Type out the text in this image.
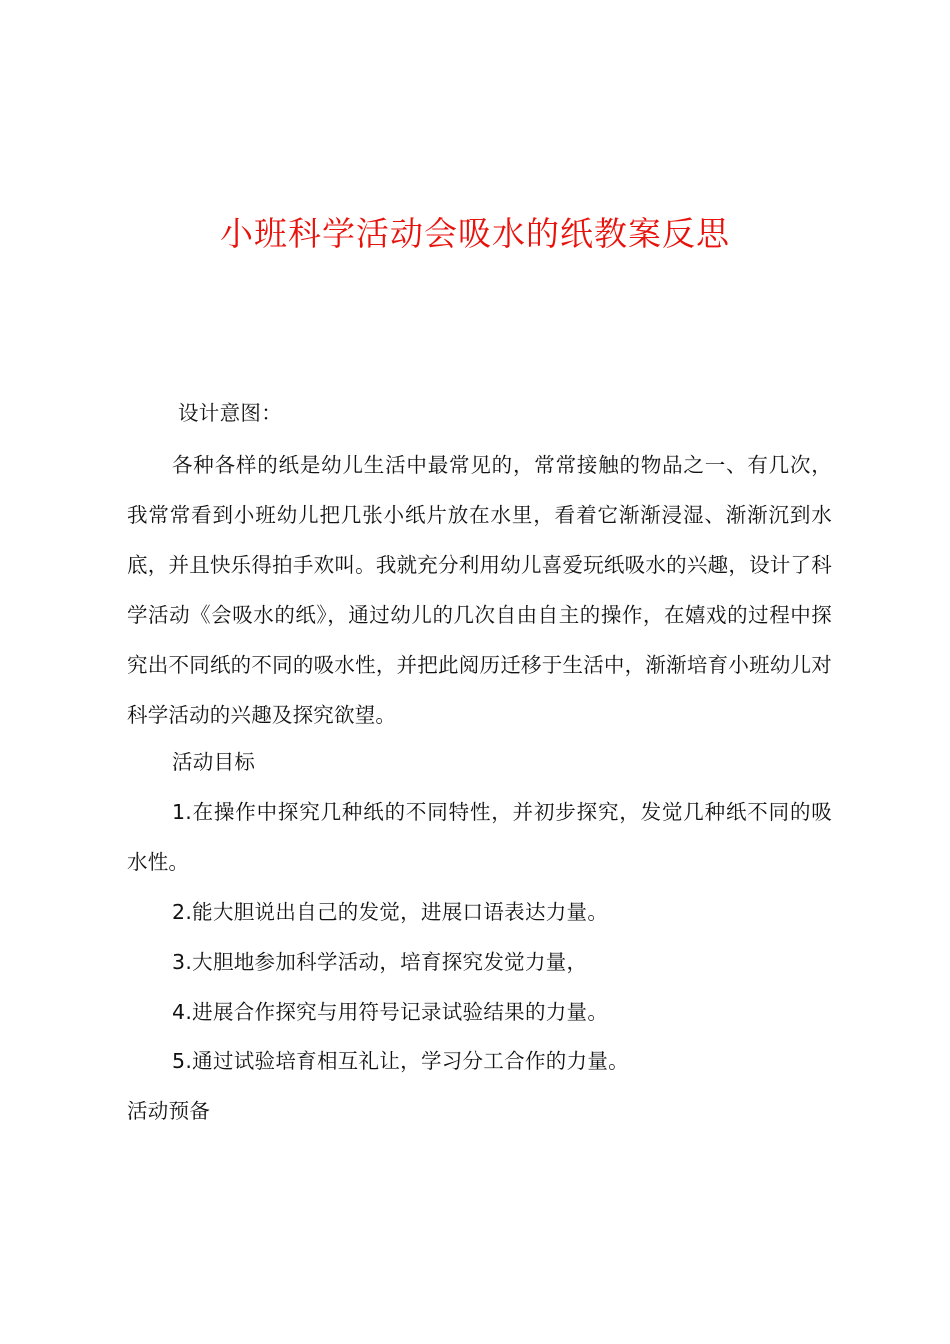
小班科学活动会吸水的纸教案反思
设计意图：
各种各样的纸是幼儿生活中最常见的，常常接触的物品之一、有几次，我常常看到小班幼儿把几张小纸片放在水里，看着它渐渐浸湿、渐渐沉到水底，并且快乐得拍手欢叫。我就充分利用幼儿喜爱玩纸吸水的兴趣，设计了科学活动《会吸水的纸》，通过幼儿的几次自由自主的操作，在嬉戏的过程中探究出不同纸的不同的吸水性，并把此阅历迁移于生活中，渐渐培育小班幼儿对科学活动的兴趣及探究欲望。
活动目标
1.在操作中探究几种纸的不同特性，并初步探究，发觉几种纸不同的吸水性。
2.能大胆说出自己的发觉，进展口语表达力量。
3.大胆地参加科学活动，培育探究发觉力量，
4.进展合作探究与用符号记录试验结果的力量。
5.通过试验培育相互礼让，学习分工合作的力量。
活动预备
